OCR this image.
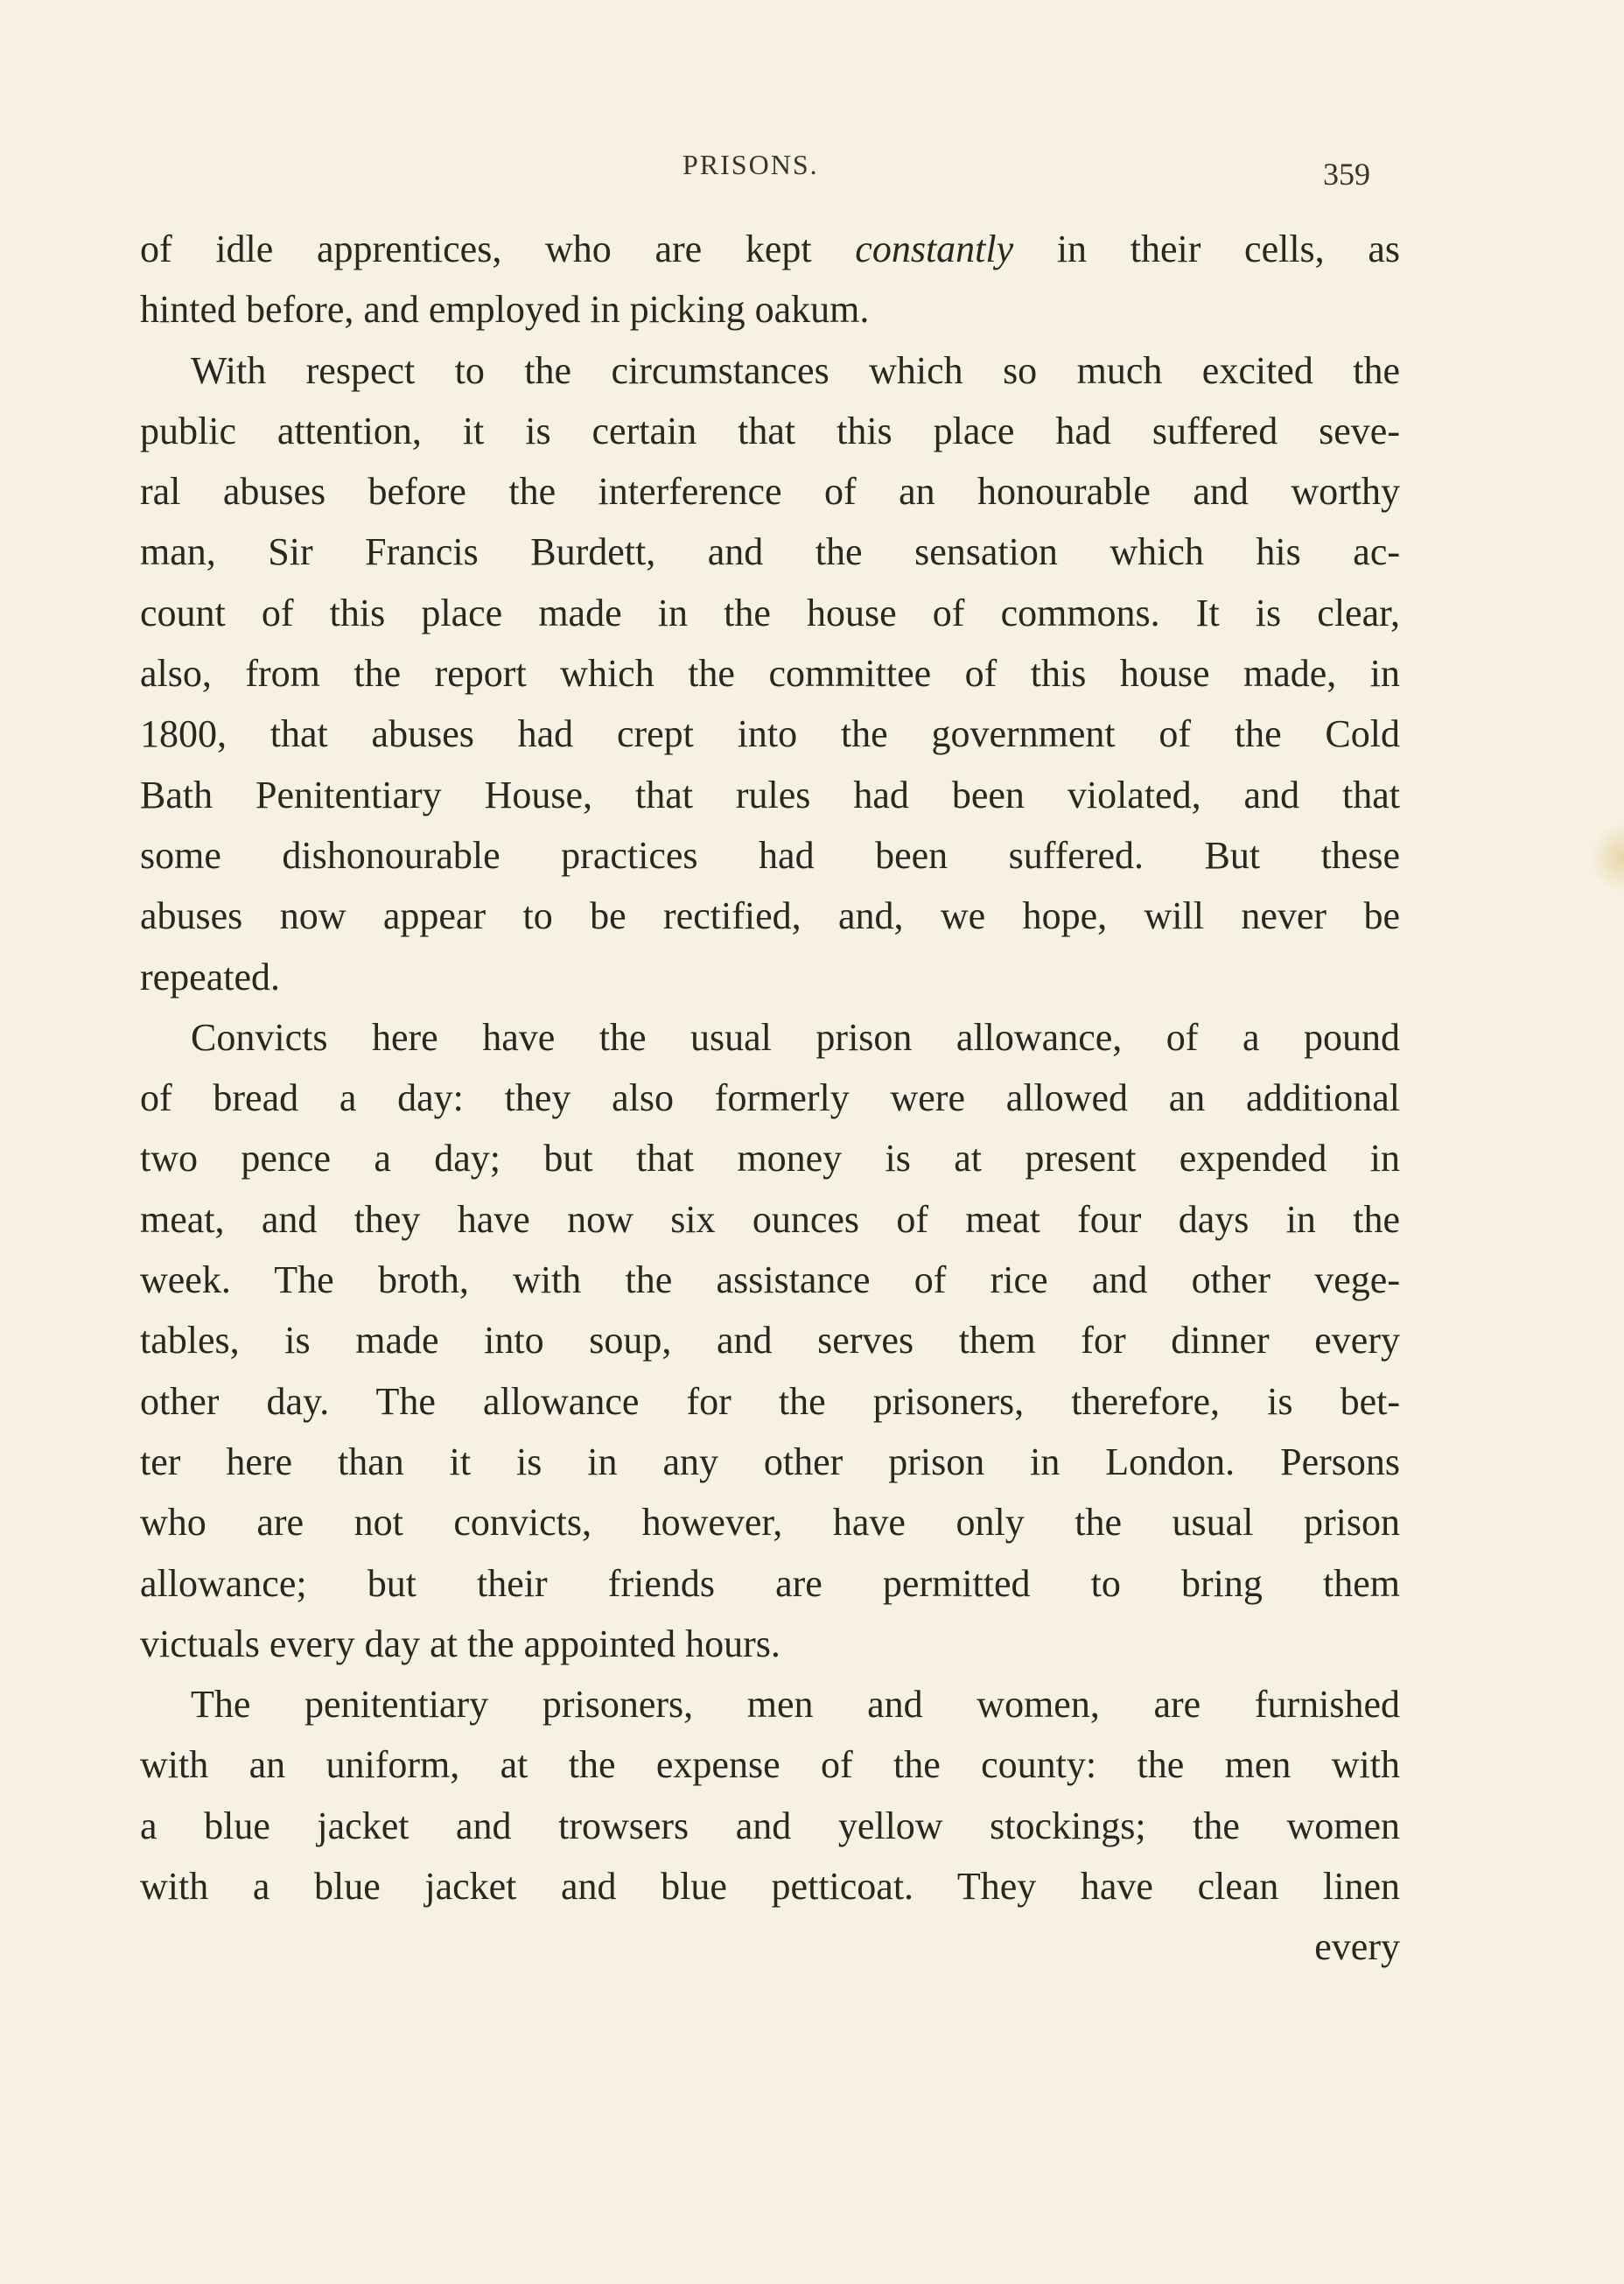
PRISONS.	359
of idle apprentices, who are kept constantly in their cells, as
hinted before, and employed in picking oakum.
With respect to the circumstances which so much excited the
public attention, it is certain that this place had suffered seve-
ral abuses before the interference of an honourable and worthy
man, Sir Francis Burdett, and the sensation which his ac-
count of this place made in the house of commons. It is clear,
also, from the report which the committee of this house made, in
1800, that abuses had crept into the government of the Cold
Bath Penitentiary House, that rules had been violated, and that
some dishonourable practices had been suffered. But these
abuses now appear to be rectified, and, we hope, will never be
repeated.
Convicts here have the usual prison allowance, of a pound
of bread a day: they also formerly were allowed an additional
two pence a day; but that money is at present expended in
meat, and they have now six ounces of meat four days in the
week. The broth, with the assistance of rice and other vege-
tables, is made into soup, and serves them for dinner every
other day. The allowance for the prisoners, therefore, is bet-
ter here than it is in any other prison in London. Persons
who are not convicts, however, have only the usual prison
allowance; but their friends are permitted to bring them
victuals every day at the appointed hours.
The penitentiary prisoners, men and women, are furnished
with an uniform, at the expense of the county: the men with
a blue jacket and trowsers and yellow stockings; the women
with a blue jacket and blue petticoat. They have clean linen
every
